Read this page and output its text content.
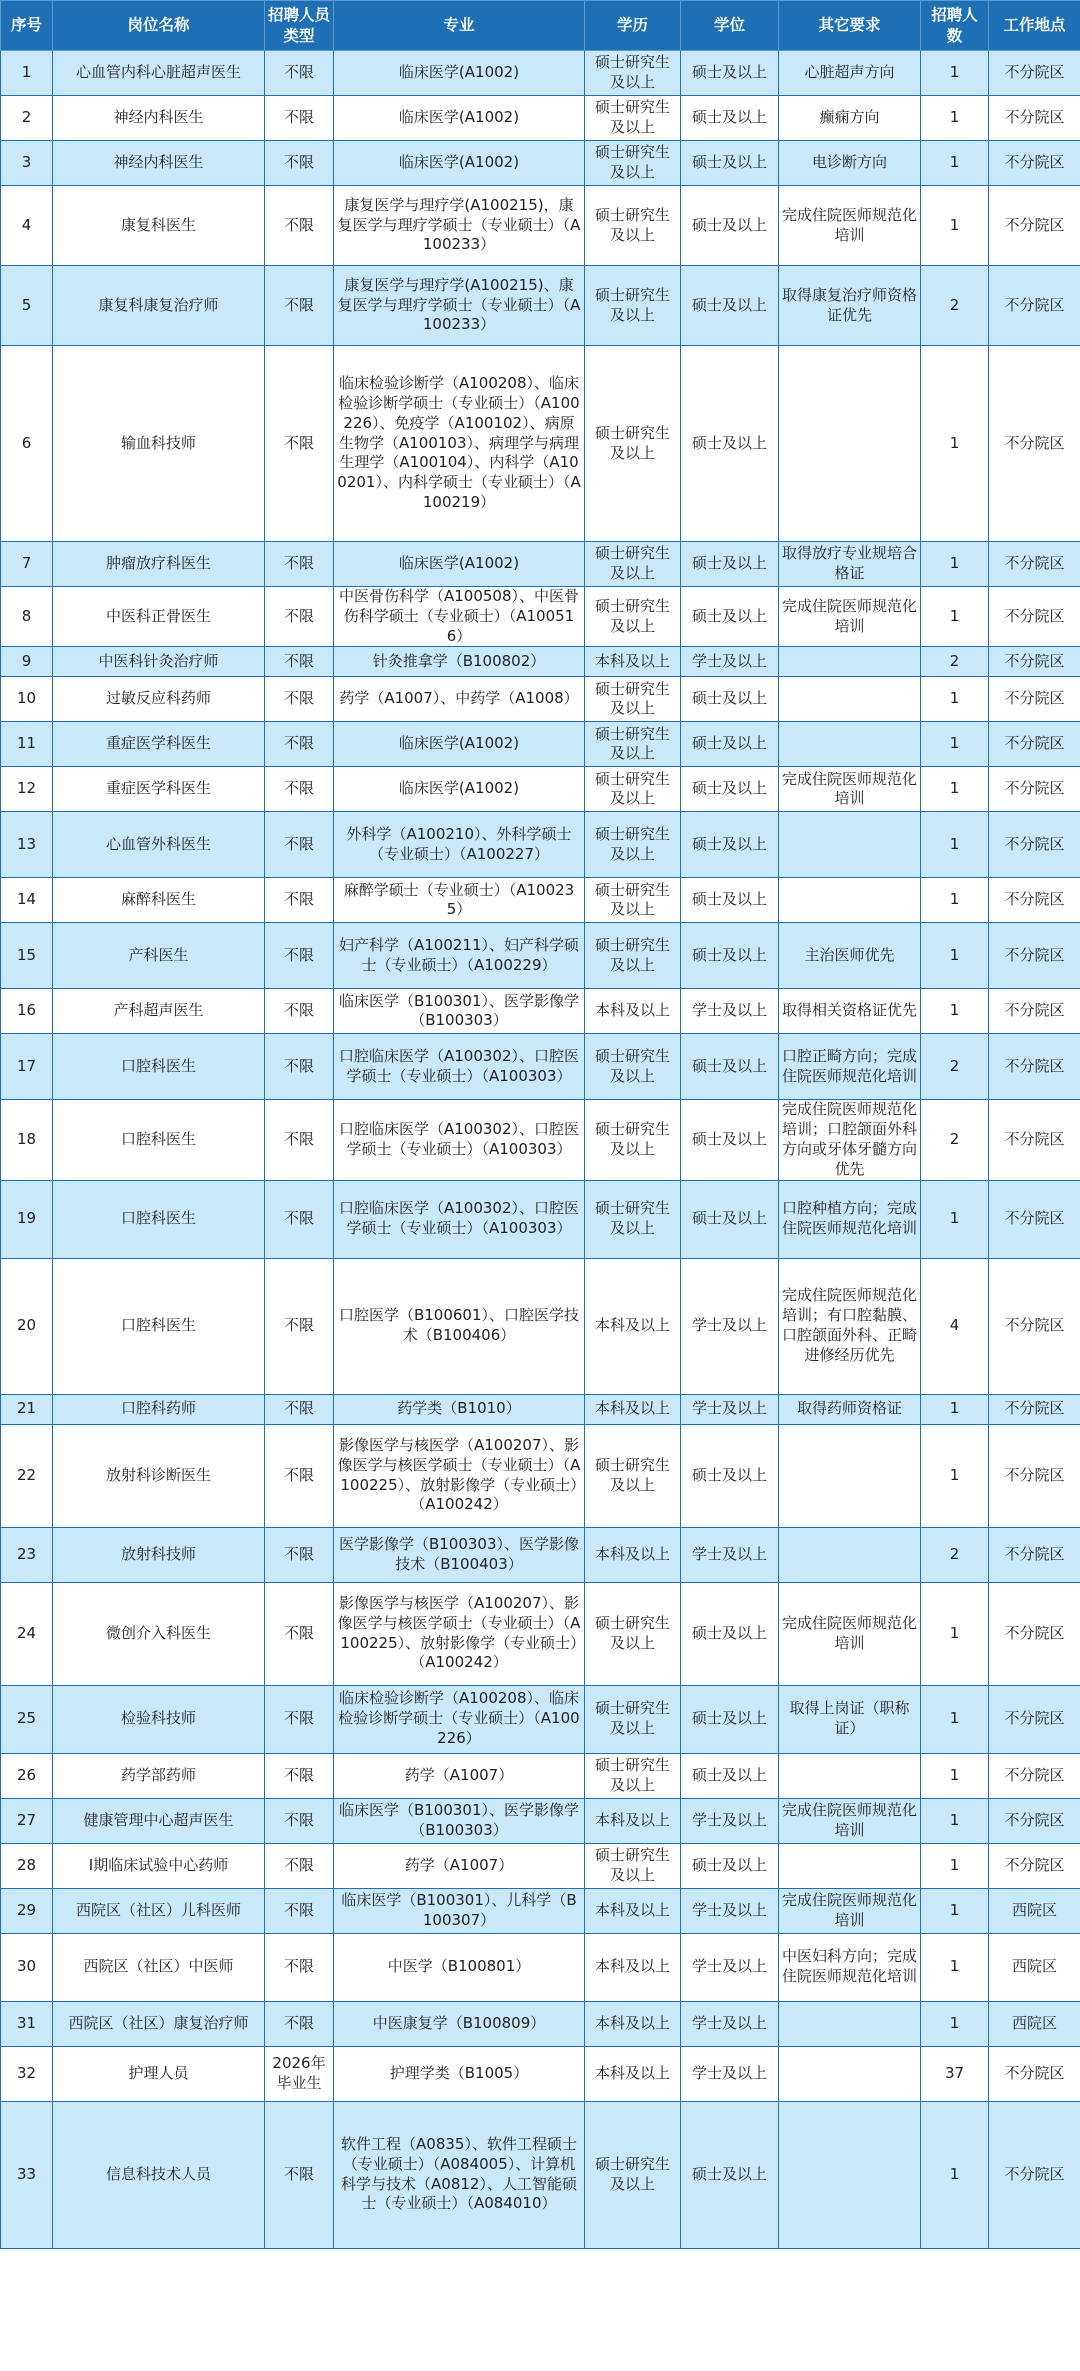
序号	岗位名称	招聘人员类型	专业	学历	学位	其它要求	招聘人数	工作地点
1	心血管内科心脏超声医生	不限	临床医学(A1002)	硕士研究生及以上	硕士及以上	心脏超声方向	1	不分院区
2	神经内科医生	不限	临床医学(A1002)	硕士研究生及以上	硕士及以上	癫痫方向	1	不分院区
3	神经内科医生	不限	临床医学(A1002)	硕士研究生及以上	硕士及以上	电诊断方向	1	不分院区
4	康复科医生	不限	康复医学与理疗学(A100215)，康复医学与理疗学硕士（专业硕士）（A100233）	硕士研究生及以上	硕士及以上	完成住院医师规范化培训	1	不分院区
5	康复科康复治疗师	不限	康复医学与理疗学(A100215)、康复医学与理疗学硕士（专业硕士）（A100233）	硕士研究生及以上	硕士及以上	取得康复治疗师资格证优先	2	不分院区
6	输血科技师	不限	临床检验诊断学（A100208）、临床检验诊断学硕士（专业硕士）（A100226）、免疫学（A100102）、病原生物学（A100103）、病理学与病理生理学（A100104）、内科学（A100201）、内科学硕士（专业硕士）（A100219）	硕士研究生及以上	硕士及以上		1	不分院区
7	肿瘤放疗科医生	不限	临床医学(A1002)	硕士研究生及以上	硕士及以上	取得放疗专业规培合格证	1	不分院区
8	中医科正骨医生	不限	中医骨伤科学（A100508）、中医骨伤科学硕士（专业硕士）（A100516）	硕士研究生及以上	硕士及以上	完成住院医师规范化培训	1	不分院区
9	中医科针灸治疗师	不限	针灸推拿学（B100802）	本科及以上	学士及以上		2	不分院区
10	过敏反应科药师	不限	药学（A1007）、中药学（A1008）	硕士研究生及以上	硕士及以上		1	不分院区
11	重症医学科医生	不限	临床医学(A1002)	硕士研究生及以上	硕士及以上		1	不分院区
12	重症医学科医生	不限	临床医学(A1002)	硕士研究生及以上	硕士及以上	完成住院医师规范化培训	1	不分院区
13	心血管外科医生	不限	外科学（A100210）、外科学硕士（专业硕士）（A100227）	硕士研究生及以上	硕士及以上		1	不分院区
14	麻醉科医生	不限	麻醉学硕士（专业硕士）（A100235）	硕士研究生及以上	硕士及以上		1	不分院区
15	产科医生	不限	妇产科学（A100211）、妇产科学硕士（专业硕士）（A100229）	硕士研究生及以上	硕士及以上	主治医师优先	1	不分院区
16	产科超声医生	不限	临床医学（B100301）、医学影像学（B100303）	本科及以上	学士及以上	取得相关资格证优先	1	不分院区
17	口腔科医生	不限	口腔临床医学（A100302）、口腔医学硕士（专业硕士）（A100303）	硕士研究生及以上	硕士及以上	口腔正畸方向；完成住院医师规范化培训	2	不分院区
18	口腔科医生	不限	口腔临床医学（A100302）、口腔医学硕士（专业硕士）（A100303）	硕士研究生及以上	硕士及以上	完成住院医师规范化培训；口腔颌面外科方向或牙体牙髓方向优先	2	不分院区
19	口腔科医生	不限	口腔临床医学（A100302）、口腔医学硕士（专业硕士）（A100303）	硕士研究生及以上	硕士及以上	口腔种植方向；完成住院医师规范化培训	1	不分院区
20	口腔科医生	不限	口腔医学（B100601）、口腔医学技术（B100406）	本科及以上	学士及以上	完成住院医师规范化培训；有口腔黏膜、口腔颌面外科、正畸进修经历优先	4	不分院区
21	口腔科药师	不限	药学类（B1010）	本科及以上	学士及以上	取得药师资格证	1	不分院区
22	放射科诊断医生	不限	影像医学与核医学（A100207）、影像医学与核医学硕士（专业硕士）（A100225）、放射影像学（专业硕士）（A100242）	硕士研究生及以上	硕士及以上		1	不分院区
23	放射科技师	不限	医学影像学（B100303）、医学影像技术（B100403）	本科及以上	学士及以上		2	不分院区
24	微创介入科医生	不限	影像医学与核医学（A100207）、影像医学与核医学硕士（专业硕士）（A100225）、放射影像学（专业硕士）（A100242）	硕士研究生及以上	硕士及以上	完成住院医师规范化培训	1	不分院区
25	检验科技师	不限	临床检验诊断学（A100208）、临床检验诊断学硕士（专业硕士）（A100226）	硕士研究生及以上	硕士及以上	取得上岗证（职称证）	1	不分院区
26	药学部药师	不限	药学（A1007）	硕士研究生及以上	硕士及以上		1	不分院区
27	健康管理中心超声医生	不限	临床医学（B100301）、医学影像学（B100303）	本科及以上	学士及以上	完成住院医师规范化培训	1	不分院区
28	I期临床试验中心药师	不限	药学（A1007）	硕士研究生及以上	硕士及以上		1	不分院区
29	西院区（社区）儿科医师	不限	临床医学（B100301）、儿科学（B100307）	本科及以上	学士及以上	完成住院医师规范化培训	1	西院区
30	西院区（社区）中医师	不限	中医学（B100801）	本科及以上	学士及以上	中医妇科方向；完成住院医师规范化培训	1	西院区
31	西院区（社区）康复治疗师	不限	中医康复学（B100809）	本科及以上	学士及以上		1	西院区
32	护理人员	2026年毕业生	护理学类（B1005）	本科及以上	学士及以上		37	不分院区
33	信息科技术人员	不限	软件工程（A0835）、软件工程硕士（专业硕士）（A084005）、计算机科学与技术（A0812）、人工智能硕士（专业硕士）（A084010）	硕士研究生及以上	硕士及以上		1	不分院区
